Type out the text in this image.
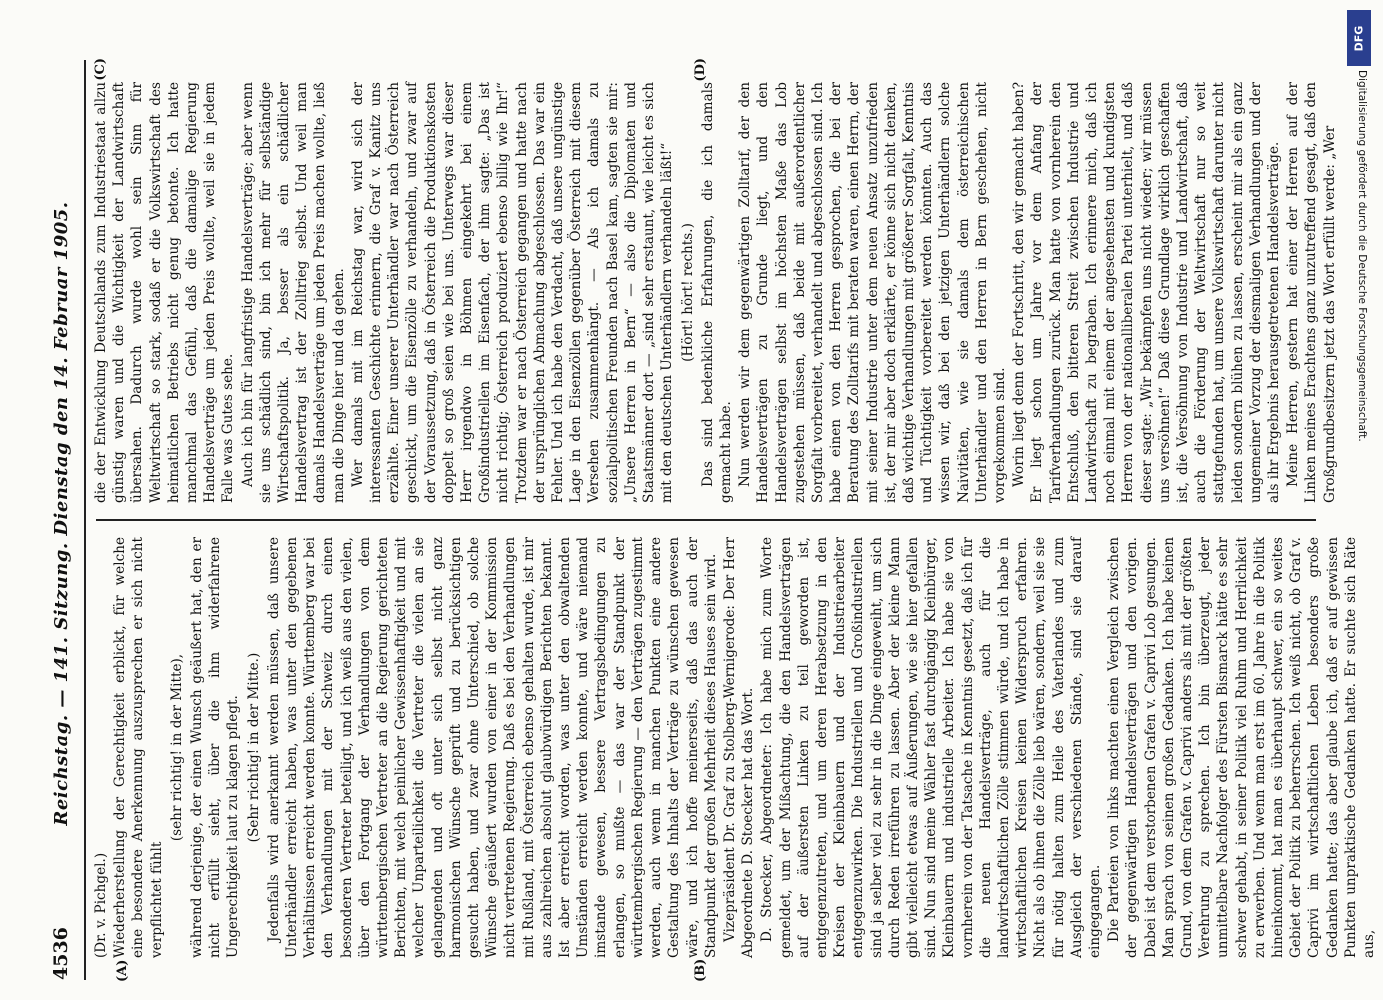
4536
Reichstag. — 141. Sitzung. Dienstag den 14. Februar 1905.
(A)	(B)

(Dr. v. Pichgel.) Wiederherstellung der Gerechtigkeit erblickt, für welche eine besondere Anerkennung auszusprechen er sich nicht verpflichtet fühlt

(sehr richtig! in der Mitte), während derjenige, der einen Wunsch geäußert hat, den er nicht erfüllt sieht, über die ihm widerfahrene Ungerechtigkeit laut zu klagen pflegt. (Sehr richtig! in der Mitte.) Jedenfalls wird anerkannt werden müssen, daß unsere Unterhändler erreicht haben, was unter den gegebenen Verhältnissen erreicht werden konnte. Württemberg war bei den Verhandlungen mit der Schweiz durch einen besonderen Vertreter beteiligt, und ich weiß aus den vielen, über den Fortgang der Verhandlungen von dem württembergischen Vertreter an die Regierung gerichteten Berichten, mit welch peinlicher Gewissenhaftigkeit und mit welcher Unparteilichkeit die Vertreter die vielen an sie gelangenden und oft unter sich selbst nicht ganz harmonischen Wünsche geprüft und zu berücksichtigen gesucht haben, und zwar ohne Unterschied, ob solche Wünsche geäußert wurden von einer in der Kommission nicht vertretenen Regierung. Daß es bei den Verhandlungen mit Rußland, mit Österreich ebenso gehalten wurde, ist mir aus zahlreichen absolut glaubwürdigen Berichten bekannt. Ist aber erreicht worden, was unter den obwaltenden Umständen erreicht werden konnte, und wäre niemand imstande gewesen, bessere Vertragsbedingungen zu erlangen, so mußte — das war der Standpunkt der württembergischen Regierung — den Verträgen zugestimmt werden, auch wenn in manchen Punkten eine andere Gestaltung des Inhalts der Verträge zu wünschen gewesen wäre, und ich hoffe meinerseits, daß das auch der Standpunkt der großen Mehrheit dieses Hauses sein wird. Vizepräsident Dr. Graf zu Stolberg-Wernigerode: Der Herr Abgeordnete D. Stoecker hat das Wort. D. Stoecker, Abgeordneter: Ich habe mich zum Worte gemeldet, um der Mißachtung, die den Handelsverträgen auf der äußersten Linken zu teil geworden ist, entgegenzutreten, und um deren Herabsetzung in den Kreisen der Kleinbauern und der Industriearbeiter entgegenzuwirken. Die Industriellen und Großindustriellen sind ja selber viel zu sehr in die Dinge eingeweiht, um sich durch Reden irreführen zu lassen. Aber der kleine Mann gibt vielleicht etwas auf Äußerungen, wie sie hier gefallen sind. Nun sind meine Wähler fast durchgängig Kleinbürger, Kleinbauern und industrielle Arbeiter. Ich habe sie von vornherein von der Tatsache in Kenntnis gesetzt, daß ich für die neuen Handelsverträge, auch für die landwirtschaftlichen Zölle stimmen würde, und ich habe in wirtschaftlichen Kreisen keinen Widerspruch erfahren. Nicht als ob ihnen die Zölle lieb wären, sondern, weil sie sie für nötig halten zum Heile des Vaterlandes und zum Ausgleich der verschiedenen Stände, sind sie darauf eingegangen. Die Parteien von links machten einen Vergleich zwischen der gegenwärtigen Handelsverträgen und den vorigen. Dabei ist dem verstorbenen Grafen v. Caprivi Lob gesungen. Man sprach von seinen großen Gedanken. Ich habe keinen Grund, von dem Grafen v. Caprivi anders als mit der größten Verehrung zu sprechen. Ich bin überzeugt, jeder unmittelbare Nachfolger des Fürsten Bismarck hätte es sehr schwer gehabt, in seiner Politik viel Ruhm und Herrlichkeit zu erwerben. Und wenn man erst im 60. Jahre in die Politik hineinkommt, hat man es überhaupt schwer, ein so weites Gebiet der Politik zu beherrschen. Ich weiß nicht, ob Graf v. Caprivi im wirtschaftlichen Leben besonders große Gedanken hatte; das aber glaube ich, daß er auf gewissen Punkten unpraktische Gedanken hatte. Er suchte sich Räte aus,

(C)	(D)

die der Entwicklung Deutschlands zum Industriestaat allzu günstig waren und die Wichtigkeit der Landwirtschaft übersahen. Dadurch wurde wohl sein Sinn für Weltwirtschaft so stark, sodaß er die Volkswirtschaft des heimatlichen Betriebs nicht genug betonte. Ich hatte manchmal das Gefühl, daß die damalige Regierung Handelsverträge um jeden Preis wollte, weil sie in jedem Falle was Gutes sehe. Auch ich bin für langfristige Handelsverträge; aber wenn sie uns schädlich sind, bin ich mehr für selbständige Wirtschaftspolitik. Ja, besser als ein schädlicher Handelsvertrag ist der Zolltrieg selbst. Und weil man damals Handelsverträge um jeden Preis machen wollte, ließ man die Dinge hier und da gehen. Wer damals mit im Reichstag war, wird sich der interessanten Geschichte erinnern, die Graf v. Kanitz uns erzählte. Einer unserer Unterhändler war nach Österreich geschickt, um die Eisenzölle zu verhandeln, und zwar auf der Voraussetzung, daß in Österreich die Produktionskosten doppelt so groß seien wie bei uns. Unterwegs war dieser Herr irgendwo in Böhmen eingekehrt bei einem Großindustriellen im Eisenfach, der ihm sagte: „Das ist nicht richtig; Österreich produziert ebenso billig wie Ihr!“ Trotzdem war er nach Österreich gegangen und hatte nach der ursprünglichen Abmachung abgeschlossen. Das war ein Fehler. Und ich habe den Verdacht, daß unsere ungünstige Lage in den Eisenzöllen gegenüber Österreich mit diesem Versehen zusammenhängt. — Als ich damals zu sozialpolitischen Freunden nach Basel kam, sagten sie mir: „Unsere Herren in Bern“ — also die Diplomaten und Staatsmänner dort — „sind sehr erstaunt, wie leicht es sich mit den deutschen Unterhändlern verhandeln läßt!“ (Hört! hört! rechts.) Das sind bedenkliche Erfahrungen, die ich damals gemacht habe. Nun werden wir dem gegenwärtigen Zolltarif, der den Handelsverträgen zu Grunde liegt, und den Handelsverträgen selbst im höchsten Maße das Lob zugestehen müssen, daß beide mit außerordentlicher Sorgfalt vorbereitet, verhandelt und abgeschlossen sind. Ich habe einen von den Herren gesprochen, die bei der Beratung des Zolltarifs mit beraten waren, einen Herrn, der mit seiner Industrie unter dem neuen Ansatz unzufrieden ist, der mir aber doch erklärte, er könne sich nicht denken, daß wichtige Verhandlungen mit größerer Sorgfalt, Kenntnis und Tüchtigkeit vorbereitet werden könnten. Auch das wissen wir, daß bei den jetzigen Unterhändlern solche Naivitäten, wie sie damals dem österreichischen Unterhändler und den Herren in Bern geschehen, nicht vorgekommen sind. Worin liegt denn der Fortschritt, den wir gemacht haben? Er liegt schon um Jahre vor dem Anfang der Tarifverhandlungen zurück. Man hatte von vornherein den Entschluß, den bitteren Streit zwischen Industrie und Landwirtschaft zu begraben. Ich erinnere mich, daß ich noch einmal mit einem der angesehensten und kundigsten Herren von der nationalliberalen Partei unterhielt, und daß dieser sagte: „Wir bekämpfen uns nicht wieder; wir müssen uns versöhnen!“ Daß diese Grundlage wirklich geschaffen ist, die Versöhnung von Industrie und Landwirtschaft, daß auch die Förderung der Weltwirtschaft nur so weit stattgefunden hat, um unsere Volkswirtschaft darunter nicht leiden sondern blühen zu lassen, erscheint mir als ein ganz ungemeiner Vorzug der diesmaligen Verhandlungen und der als ihr Ergebnis herausgetretenen Handelsverträge. Meine Herren, gestern hat einer der Herren auf der Linken meines Erachtens ganz unzutreffend gesagt, daß den Großgrundbesitzern jetzt das Wort erfüllt werde: „Wer

DFG
Digitalisierung gefördert durch die Deutsche Forschungsgemeinschaft.
